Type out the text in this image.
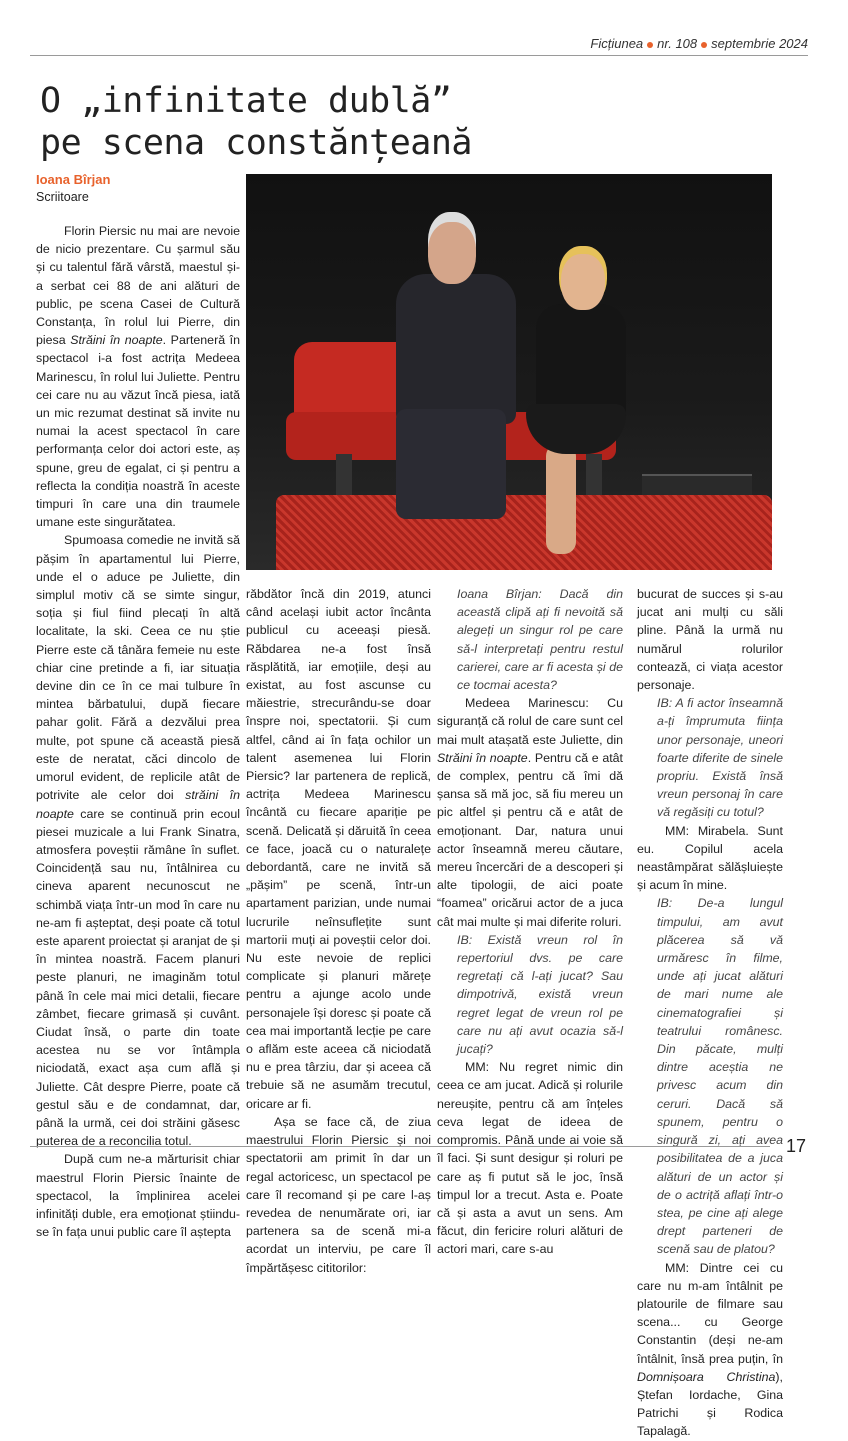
Ficțiunea nr. 108 septembrie 2024
O „infinitate dublă”
pe scena constănțeană
Ioana Bîrjan
Scriitoare

Florin Piersic nu mai are nevoie de nicio prezentare. Cu șarmul său și cu talentul fără vârstă, maestul și-a serbat cei 88 de ani alături de public, pe scena Casei de Cultură Constanța, în rolul lui Pierre, din piesa Străini în noapte. Parteneră în spectacol i-a fost actrița Medeea Marinescu, în rolul lui Juliette. Pentru cei care nu au văzut încă piesa, iată un mic rezumat destinat să invite nu numai la acest spectacol în care performanța celor doi actori este, aș spune, greu de egalat, ci și pentru a reflecta la condiția noastră în aceste timpuri în care una din traumele umane este singurătatea.

Spumoasa comedie ne invită să pășim în apartamentul lui Pierre, unde el o aduce pe Juliette, din simplul motiv că se simte singur, soția și fiul fiind plecați în altă localitate, la ski. Ceea ce nu știe Pierre este că tânăra femeie nu este chiar cine pretinde a fi, iar situația devine din ce în ce mai tulbure în mintea bărbatului, după fiecare pahar golit. Fără a dezvălui prea multe, pot spune că această piesă este de neratat, căci dincolo de umorul evident, de replicile atât de potrivite ale celor doi străini în noapte care se continuă prin ecoul piesei muzicale a lui Frank Sinatra, atmosfera poveștii rămâne în suflet. Coincidență sau nu, întâlnirea cu cineva aparent necunoscut ne schimbă viața într-un mod în care nu ne-am fi așteptat, deși poate că totul este aparent proiectat și aranjat de și în mintea noastră. Facem planuri peste planuri, ne imaginăm totul până în cele mai mici detalii, fiecare zâmbet, fiecare grimasă și cuvânt. Ciudat însă, o parte din toate acestea nu se vor întâmpla niciodată, exact așa cum află și Juliette. Cât despre Pierre, poate că gestul său e de condamnat, dar, până la urmă, cei doi străini găsesc puterea de a reconcilia totul.

După cum ne-a mărturisit chiar maestrul Florin Piersic înainte de spectacol, la împlinirea acelei infinități duble, era emoționat știindu-se în fața unui public care îl aștepta

răbdător încă din 2019, atunci când același iubit actor încânta publicul cu aceeași piesă. Răbdarea ne-a fost însă răsplătită, iar emoțiile, deși au existat, au fost ascunse cu măiestrie, strecurându-se doar înspre noi, spectatorii. Și cum altfel, când ai în fața ochilor un talent asemenea lui Florin Piersic? Iar partenera de replică, actrița Medeea Marinescu încântă cu fiecare apariție pe scenă. Delicată și dăruită în ceea ce face, joacă cu o naturalețe debordantă, care ne invită să „pășim” pe scenă, într-un apartament parizian, unde numai lucrurile neînsuflețite sunt martorii muți ai poveștii celor doi. Nu este nevoie de replici complicate și planuri mărețe pentru a ajunge acolo unde personajele își doresc și poate că cea mai importantă lecție pe care o aflăm este aceea că niciodată nu e prea târziu, dar și aceea că trebuie să ne asumăm trecutul, oricare ar fi.

Așa se face că, de ziua maestrului Florin Piersic și noi spectatorii am primit în dar un regal actoricesc, un spectacol pe care îl recomand și pe care l-aș revedea de nenumărate ori, iar partenera sa de scenă mi-a acordat un interviu, pe care îl împărtășesc cititorilor:

Ioana Bîrjan: Dacă din această clipă ați fi nevoită să alegeți un singur rol pe care să-l interpretați pentru restul carierei, care ar fi acesta și de ce tocmai acesta?

Medeea Marinescu: Cu siguranță că rolul de care sunt cel mai mult atașată este Juliette, din Străini în noapte. Pentru că e atât de complex, pentru că îmi dă șansa să mă joc, să fiu mereu un pic altfel și pentru că e atât de emoționant. Dar, natura unui actor înseamnă mereu căutare, mereu încercări de a descoperi și alte tipologii, de aici poate “foamea” oricărui actor de a juca cât mai multe și mai diferite roluri.

IB: Există vreun rol în repertoriul dvs. pe care regretați că l-ați jucat? Sau dimpotrivă, există vreun regret legat de vreun rol pe care nu ați avut ocazia să-l jucați?

MM: Nu regret nimic din ceea ce am jucat. Adică și rolurile nereușite, pentru că am înțeles ceva legat de ideea de compromis. Până unde ai voie să îl faci. Și sunt desigur și roluri pe care aș fi putut să le joc, însă timpul lor a trecut. Asta e. Poate că și asta a avut un sens. Am făcut, din fericire roluri alături de actori mari, care s-au

bucurat de succes și s-au jucat ani mulți cu săli pline. Până la urmă nu numărul rolurilor contează, ci viața acestor personaje.

IB: A fi actor înseamnă a-ți împrumuta ființa unor personaje, uneori foarte diferite de sinele propriu. Există însă vreun personaj în care vă regăsiți cu totul?

MM: Mirabela. Sunt eu. Copilul acela neastâmpărat sălășluiește și acum în mine.

IB: De-a lungul timpului, am avut plăcerea să vă urmăresc în filme, unde ați jucat alături de mari nume ale cinematografiei și teatrului românesc. Din păcate, mulți dintre aceștia ne privesc acum din ceruri. Dacă să spunem, pentru o singură zi, ați avea posibilitatea de a juca alături de un actor și de o actriță aflați într-o stea, pe cine ați alege drept parteneri de scenă sau de platou?

MM: Dintre cei cu care nu m-am întâlnit pe platourile de filmare sau scena... cu George Constantin (deși ne-am întâlnit, însă prea puțin, în Domnișoara Christina), Ștefan Iordache, Gina Patrichi și Rodica Tapalagă.

17
